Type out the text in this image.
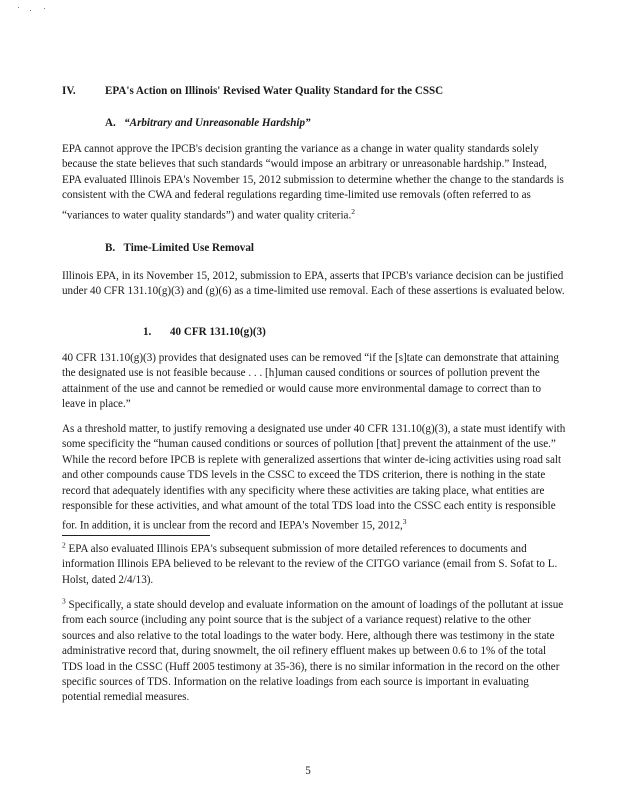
IV.	EPA's Action on Illinois' Revised Water Quality Standard for the CSSC
A. “Arbitrary and Unreasonable Hardship”

EPA cannot approve the IPCB's decision granting the variance as a change in water quality standards solely because the state believes that such standards “would impose an arbitrary or unreasonable hardship.” Instead, EPA evaluated Illinois EPA's November 15, 2012 submission to determine whether the change to the standards is consistent with the CWA and federal regulations regarding time-limited use removals (often referred to as “variances to water quality standards”) and water quality criteria.$^2$

B. Time-Limited Use Removal

Illinois EPA, in its November 15, 2012, submission to EPA, asserts that IPCB's variance decision can be justified under 40 CFR 131.10(g)(3) and (g)(6) as a time-limited use removal. Each of these assertions is evaluated below.

1. 40 CFR 131.10(g)(3)

40 CFR 131.10(g)(3) provides that designated uses can be removed “if the [s]tate can demonstrate that attaining the designated use is not feasible because . . . [h]uman caused conditions or sources of pollution prevent the attainment of the use and cannot be remedied or would cause more environmental damage to correct than to leave in place.”

As a threshold matter, to justify removing a designated use under 40 CFR 131.10(g)(3), a state must identify with some specificity the “human caused conditions or sources of pollution [that] prevent the attainment of the use.” While the record before IPCB is replete with generalized assertions that winter de-icing activities using road salt and other compounds cause TDS levels in the CSSC to exceed the TDS criterion, there is nothing in the state record that adequately identifies with any specificity where these activities are taking place, what entities are responsible for these activities, and what amount of the total TDS load into the CSSC each entity is responsible for. In addition, it is unclear from the record and IEPA's November 15, 2012,$^3$

$^2$ EPA also evaluated Illinois EPA's subsequent submission of more detailed references to documents and information Illinois EPA believed to be relevant to the review of the CITGO variance (email from S. Sofat to L. Holst, dated 2/4/13).

$^3$ Specifically, a state should develop and evaluate information on the amount of loadings of the pollutant at issue from each source (including any point source that is the subject of a variance request) relative to the other sources and also relative to the total loadings to the water body. Here, although there was testimony in the state administrative record that, during snowmelt, the oil refinery effluent makes up between 0.6 to 1% of the total TDS load in the CSSC (Huff 2005 testimony at 35-36), there is no similar information in the record on the other specific sources of TDS. Information on the relative loadings from each source is important in evaluating potential remedial measures.

5
